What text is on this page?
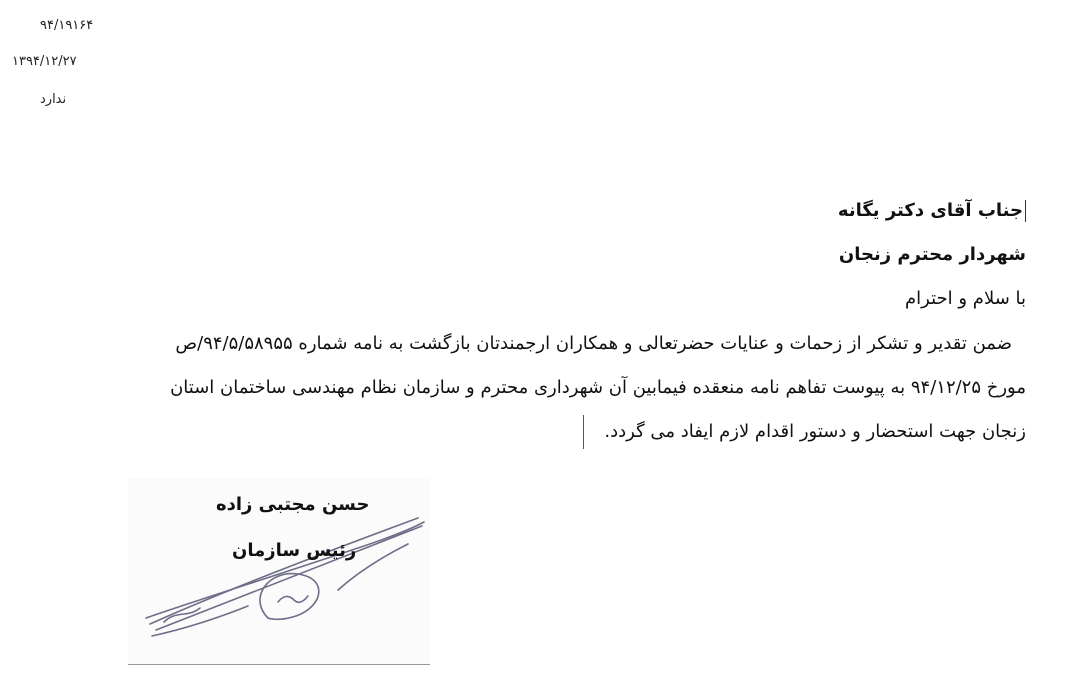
۹۴/۱۹۱۶۴
۱۳۹۴/۱۲/۲۷
ندارد
جناب آقای دکتر یگانه
شهردار محترم زنجان
با سلام و احترام
ضمن تقدیر و تشکر از زحمات و عنایات حضرتعالی و همکاران ارجمندتان بازگشت به نامه شماره ۹۴/۵/۵۸۹۵۵/ص
مورخ ۹۴/۱۲/۲۵ به پیوست تفاهم نامه منعقده فیمابین آن شهرداری محترم و سازمان نظام مهندسی ساختمان استان
زنجان جهت استحضار و دستور اقدام لازم ایفاد می گردد.
حسن مجتبی زاده
رئیس سازمان
